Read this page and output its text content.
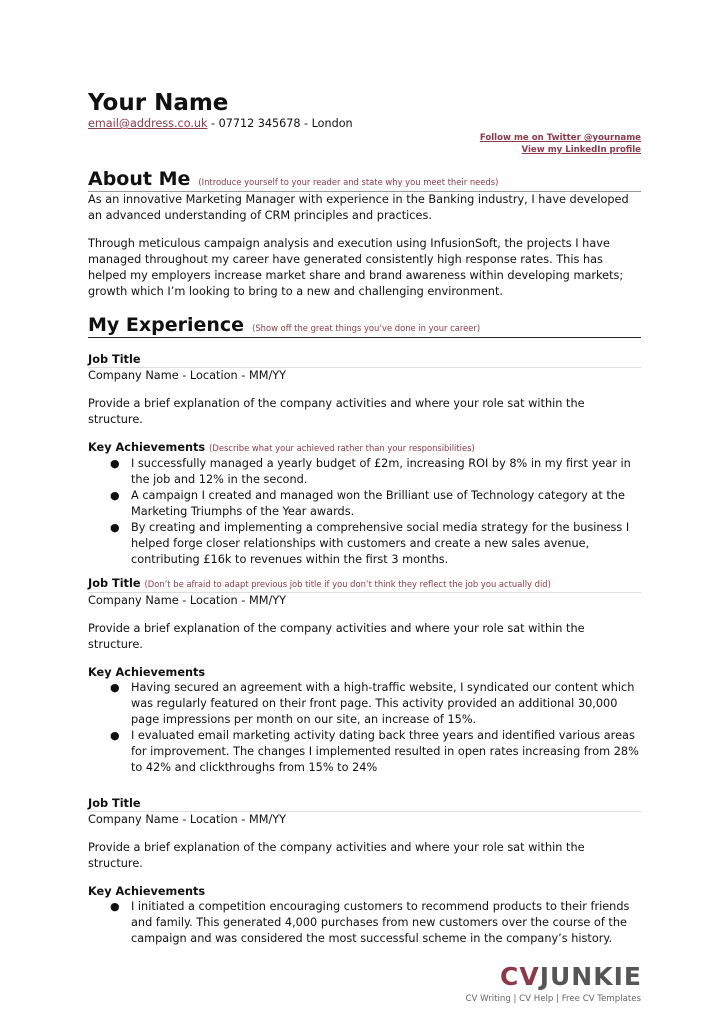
Your Name
email@address.co.uk - 07712 345678 - London
Follow me on Twitter @yourname
View my LinkedIn profile
About Me (Introduce yourself to your reader and state why you meet their needs)

As an innovative Marketing Manager with experience in the Banking industry, I have developed an advanced understanding of CRM principles and practices.

Through meticulous campaign analysis and execution using InfusionSoft, the projects I have managed throughout my career have generated consistently high response rates. This has helped my employers increase market share and brand awareness within developing markets; growth which I’m looking to bring to a new and challenging environment.

My Experience (Show off the great things you’ve done in your career)
Job Title
Company Name - Location - MM/YY

Provide a brief explanation of the company activities and where your role sat within the structure.

Key Achievements (Describe what your achieved rather than your responsibilities)
● I successfully managed a yearly budget of £2m, increasing ROI by 8% in my first year in the job and 12% in the second.
● A campaign I created and managed won the Brilliant use of Technology category at the Marketing Triumphs of the Year awards.
● By creating and implementing a comprehensive social media strategy for the business I helped forge closer relationships with customers and create a new sales avenue, contributing £16k to revenues within the first 3 months.
Job Title (Don’t be afraid to adapt previous job title if you don’t think they reflect the job you actually did)
Company Name - Location - MM/YY

Provide a brief explanation of the company activities and where your role sat within the structure.

Key Achievements
● Having secured an agreement with a high-traffic website, I syndicated our content which was regularly featured on their front page. This activity provided an additional 30,000 page impressions per month on our site, an increase of 15%.
● I evaluated email marketing activity dating back three years and identified various areas for improvement. The changes I implemented resulted in open rates increasing from 28% to 42% and clickthroughs from 15% to 24%
Job Title
Company Name - Location - MM/YY

Provide a brief explanation of the company activities and where your role sat within the structure.

Key Achievements
● I initiated a competition encouraging customers to recommend products to their friends and family. This generated 4,000 purchases from new customers over the course of the campaign and was considered the most successful scheme in the company’s history.
CVJUNKIE
CV Writing | CV Help | Free CV Templates
